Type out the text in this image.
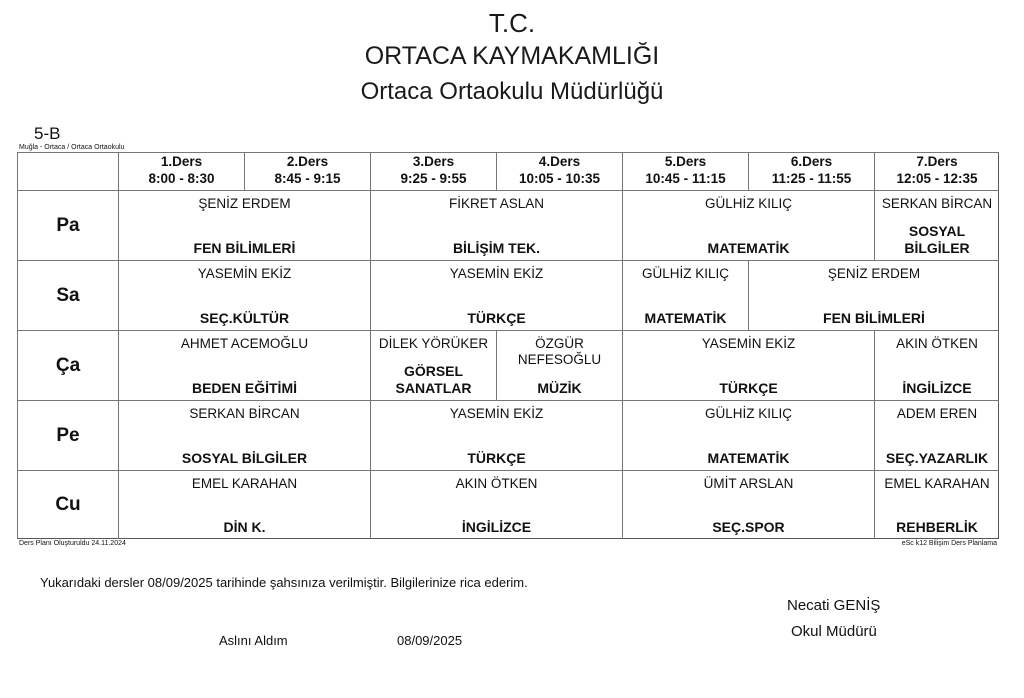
T.C.
ORTACA KAYMAKAMLIĞI
Ortaca Ortaokulu Müdürlüğü
5-B
Muğla - Ortaca / Ortaca Ortaokulu
1.Ders
8:00 - 8:30
2.Ders
8:45 - 9:15
3.Ders
9:25 - 9:55
4.Ders
10:05 - 10:35
5.Ders
10:45 - 11:15
6.Ders
11:25 - 11:55
7.Ders
12:05 - 12:35
Pa
ŞENİZ ERDEM
FEN BİLİMLERİ
FİKRET ASLAN
BİLİŞİM TEK.
GÜLHİZ KILIÇ
MATEMATİK
SERKAN BİRCAN
SOSYAL BİLGİLER
Sa
YASEMİN EKİZ
SEÇ.KÜLTÜR
YASEMİN EKİZ
TÜRKÇE
GÜLHİZ KILIÇ
MATEMATİK
ŞENİZ ERDEM
FEN BİLİMLERİ
Ça
AHMET ACEMOĞLU
BEDEN EĞİTİMİ
DİLEK YÖRÜKER
GÖRSEL SANATLAR
ÖZGÜR NEFESOĞLU
MÜZİK
YASEMİN EKİZ
TÜRKÇE
AKIN ÖTKEN
İNGİLİZCE
Pe
SERKAN BİRCAN
SOSYAL BİLGİLER
YASEMİN EKİZ
TÜRKÇE
GÜLHİZ KILIÇ
MATEMATİK
ADEM EREN
SEÇ.YAZARLIK
Cu
EMEL KARAHAN
DİN K.
AKIN ÖTKEN
İNGİLİZCE
ÜMİT ARSLAN
SEÇ.SPOR
EMEL KARAHAN
REHBERLİK
Ders Planı Oluşturuldu 24.11.2024	eSc k12 Bilişim Ders Planlama
Yukarıdaki dersler 08/09/2025 tarihinde şahsınıza verilmiştir. Bilgilerinize rica ederim.
Necati GENİŞ
Okul Müdürü
Aslını Aldım	08/09/2025
